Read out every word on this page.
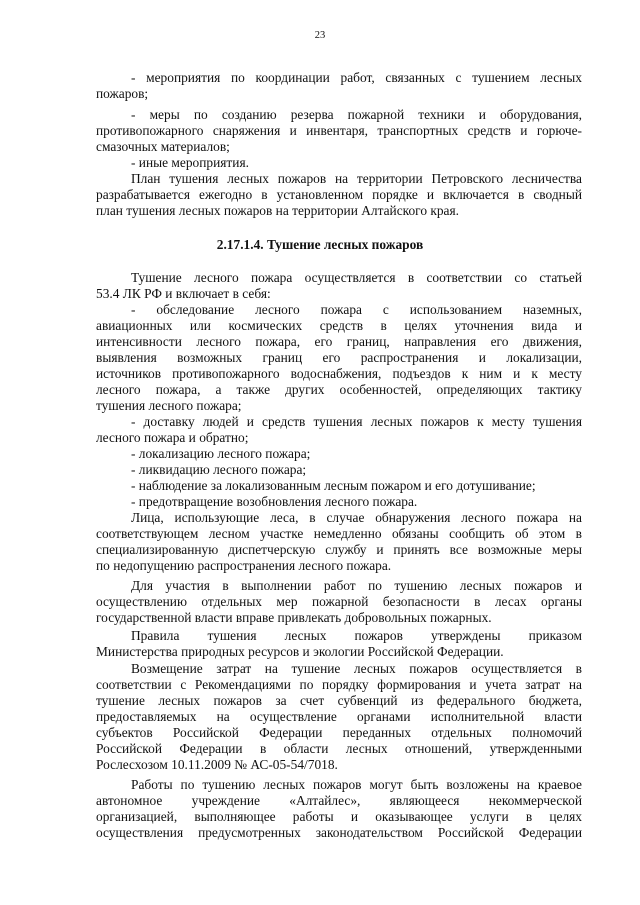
23
- мероприятия по координации работ, связанных с тушением лесных
пожаров;
- меры по созданию резерва пожарной техники и оборудования,
противопожарного снаряжения и инвентаря, транспортных средств и горюче-
смазочных материалов;
- иные мероприятия.
План тушения лесных пожаров на территории Петровского лесничества
разрабатывается ежегодно в установленном порядке и включается в сводный
план тушения лесных пожаров на территории Алтайского края.
2.17.1.4. Тушение лесных пожаров
Тушение лесного пожара осуществляется в соответствии со статьей
53.4 ЛК РФ и включает в себя:
- обследование лесного пожара с использованием наземных,
авиационных или космических средств в целях уточнения вида и
интенсивности лесного пожара, его границ, направления его движения,
выявления возможных границ его распространения и локализации,
источников противопожарного водоснабжения, подъездов к ним и к месту
лесного пожара, а также других особенностей, определяющих тактику
тушения лесного пожара;
- доставку людей и средств тушения лесных пожаров к месту тушения
лесного пожара и обратно;
- локализацию лесного пожара;
- ликвидацию лесного пожара;
- наблюдение за локализованным лесным пожаром и его дотушивание;
- предотвращение возобновления лесного пожара.
Лица, использующие леса, в случае обнаружения лесного пожара на
соответствующем лесном участке немедленно обязаны сообщить об этом в
специализированную диспетчерскую службу и принять все возможные меры
по недопущению распространения лесного пожара.
Для участия в выполнении работ по тушению лесных пожаров и
осуществлению отдельных мер пожарной безопасности в лесах органы
государственной власти вправе привлекать добровольных пожарных.
Правила тушения лесных пожаров утверждены приказом
Министерства природных ресурсов и экологии Российской Федерации.
Возмещение затрат на тушение лесных пожаров осуществляется в
соответствии с Рекомендациями по порядку формирования и учета затрат на
тушение лесных пожаров за счет субвенций из федерального бюджета,
предоставляемых на осуществление органами исполнительной власти
субъектов Российской Федерации переданных отдельных полномочий
Российской Федерации в области лесных отношений, утвержденными
Рослесхозом 10.11.2009 № АС-05-54/7018.
Работы по тушению лесных пожаров могут быть возложены на краевое
автономное учреждение «Алтайлес», являющееся некоммерческой
организацией, выполняющее работы и оказывающее услуги в целях
осуществления предусмотренных законодательством Российской Федерации
